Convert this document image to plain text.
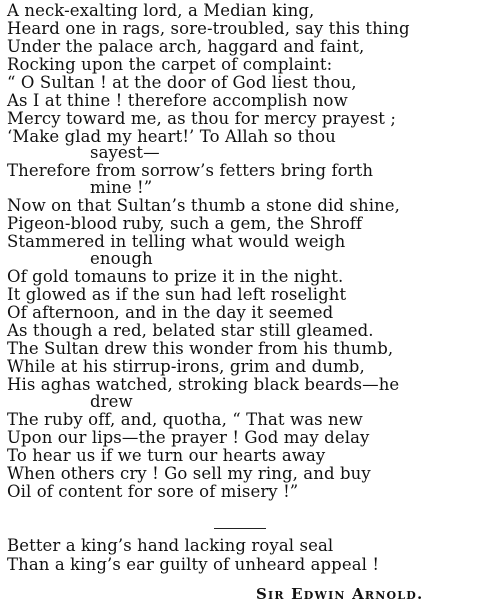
A neck-exalting lord, a Median king,
Heard one in rags, sore-troubled, say this thing
Under the palace arch, haggard and faint,
Rocking upon the carpet of complaint:
“ O Sultan ! at the door of God liest thou,
As I at thine ! therefore accomplish now
Mercy toward me, as thou for mercy prayest ;
‘Make glad my heart!’ To Allah so thou
sayest—
Therefore from sorrow’s fetters bring forth
mine !”
Now on that Sultan’s thumb a stone did shine,
Pigeon-blood ruby, such a gem, the Shroff
Stammered in telling what would weigh
enough
Of gold tomauns to prize it in the night.
It glowed as if the sun had left roselight
Of afternoon, and in the day it seemed
As though a red, belated star still gleamed.
The Sultan drew this wonder from his thumb,
While at his stirrup-irons, grim and dumb,
His aghas watched, stroking black beards—he
drew
The ruby off, and, quotha, “ That was new
Upon our lips—the prayer ! God may delay
To hear us if we turn our hearts away
When others cry ! Go sell my ring, and buy
Oil of content for sore of misery !”
Better a king’s hand lacking royal seal
Than a king’s ear guilty of unheard appeal !
Sir Edwin Arnold.
